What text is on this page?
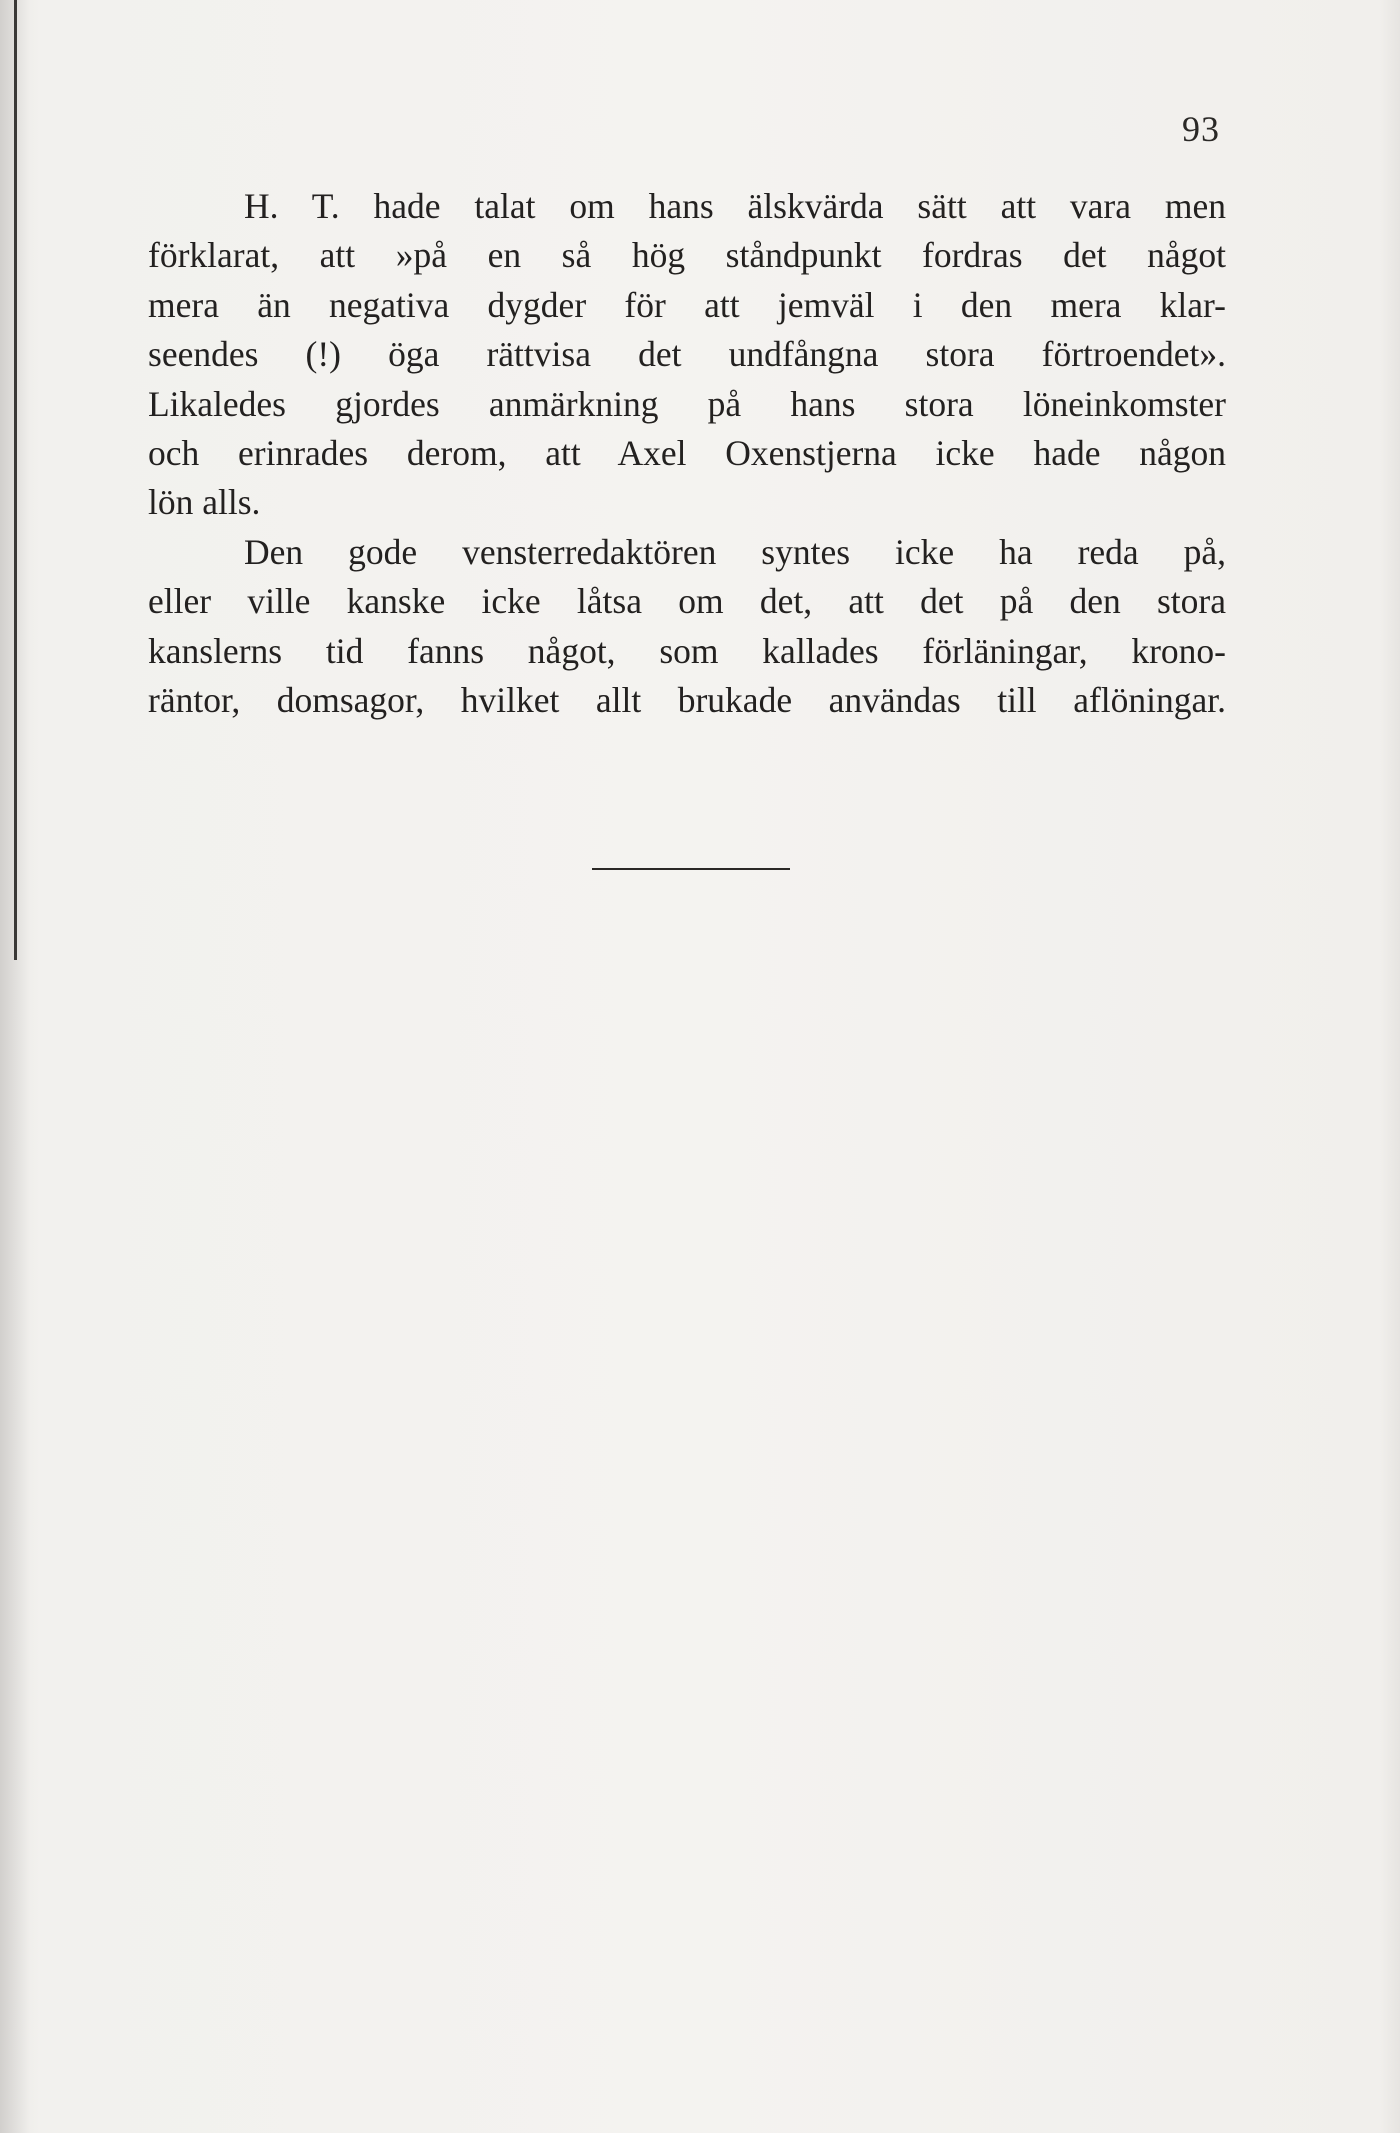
93
H. T. hade talat om hans älskvärda sätt att vara men
förklarat, att »på en så hög ståndpunkt fordras det något
mera än negativa dygder för att jemväl i den mera klar-
seendes (!) öga rättvisa det undfångna stora förtroendet».
Likaledes gjordes anmärkning på hans stora löneinkomster
och erinrades derom, att Axel Oxenstjerna icke hade någon
lön alls.
Den gode vensterredaktören syntes icke ha reda på,
eller ville kanske icke låtsa om det, att det på den stora
kanslerns tid fanns något, som kallades förläningar, krono-
räntor, domsagor, hvilket allt brukade användas till aflöningar.
